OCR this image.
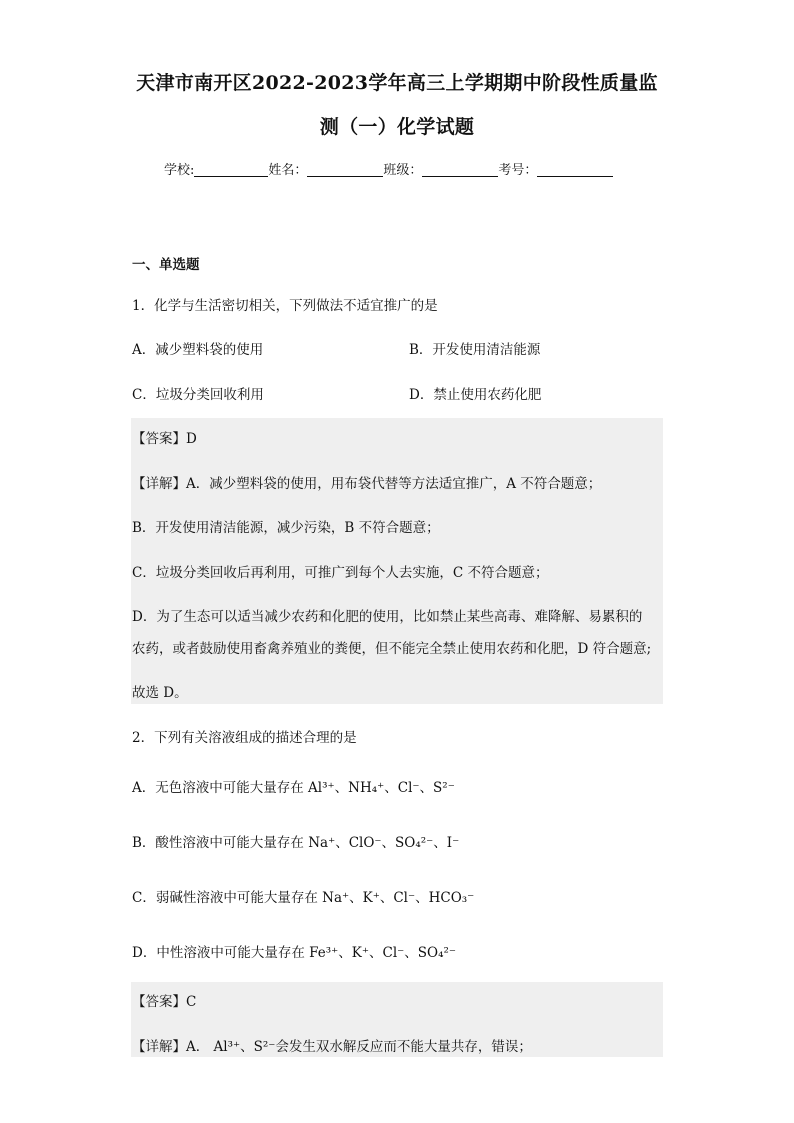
天津市南开区2022-2023学年高三上学期期中阶段性质量监
测（一）化学试题
学校:	姓名：	班级：	考号：
一、单选题
1．化学与生活密切相关，下列做法不适宜推广的是
A．减少塑料袋的使用	B．开发使用清洁能源
C．垃圾分类回收利用	D．禁止使用农药化肥
【答案】D
【详解】A．减少塑料袋的使用，用布袋代替等方法适宜推广，A 不符合题意；
B．开发使用清洁能源，减少污染，B 不符合题意；
C．垃圾分类回收后再利用，可推广到每个人去实施，C 不符合题意；
D．为了生态可以适当减少农药和化肥的使用，比如禁止某些高毒、难降解、易累积的
农药，或者鼓励使用畜禽养殖业的粪便，但不能完全禁止使用农药和化肥，D 符合题意;
故选 D。
2．下列有关溶液组成的描述合理的是
A．无色溶液中可能大量存在 Al³⁺、NH₄⁺、Cl⁻、S²⁻
B．酸性溶液中可能大量存在 Na⁺、ClO⁻、SO₄²⁻、I⁻
C．弱碱性溶液中可能大量存在 Na⁺、K⁺、Cl⁻、HCO₃⁻
D．中性溶液中可能大量存在 Fe³⁺、K⁺、Cl⁻、SO₄²⁻
【答案】C
【详解】A． Al³⁺、S²⁻会发生双水解反应而不能大量共存，错误；
